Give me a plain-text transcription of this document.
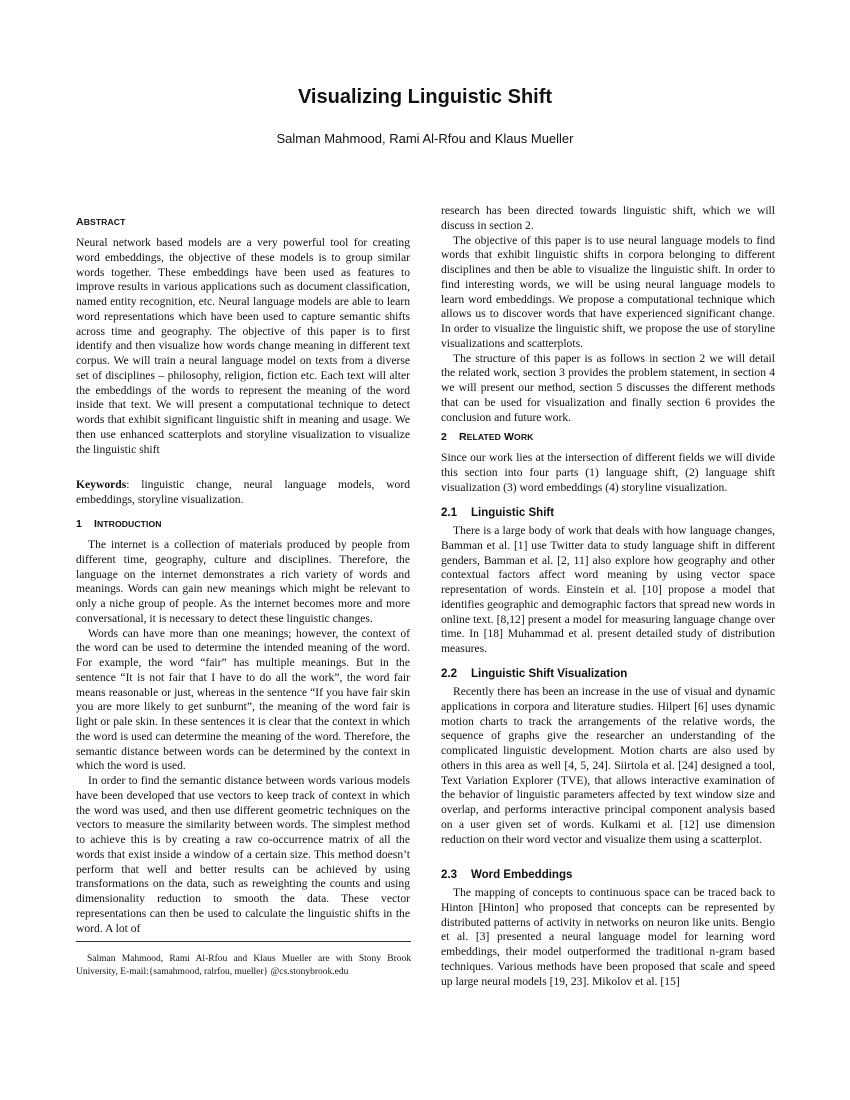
Visualizing Linguistic Shift
Salman Mahmood, Rami Al-Rfou and Klaus Mueller
ABSTRACT

Neural network based models are a very powerful tool for creating word embeddings, the objective of these models is to group similar words together. These embeddings have been used as features to improve results in various applications such as document classification, named entity recognition, etc. Neural language models are able to learn word representations which have been used to capture semantic shifts across time and geography. The objective of this paper is to first identify and then visualize how words change meaning in different text corpus. We will train a neural language model on texts from a diverse set of disciplines – philosophy, religion, fiction etc. Each text will alter the embeddings of the words to represent the meaning of the word inside that text. We will present a computational technique to detect words that exhibit significant linguistic shift in meaning and usage. We then use enhanced scatterplots and storyline visualization to visualize the linguistic shift

Keywords: linguistic change, neural language models, word embeddings, storyline visualization.

1 INTRODUCTION

The internet is a collection of materials produced by people from different time, geography, culture and disciplines. Therefore, the language on the internet demonstrates a rich variety of words and meanings. Words can gain new meanings which might be relevant to only a niche group of people. As the internet becomes more and more conversational, it is necessary to detect these linguistic changes.

Words can have more than one meanings; however, the context of the word can be used to determine the intended meaning of the word. For example, the word “fair” has multiple meanings. But in the sentence “It is not fair that I have to do all the work”, the word fair means reasonable or just, whereas in the sentence “If you have fair skin you are more likely to get sunburnt”, the meaning of the word fair is light or pale skin. In these sentences it is clear that the context in which the word is used can determine the meaning of the word. Therefore, the semantic distance between words can be determined by the context in which the word is used.

In order to find the semantic distance between words various models have been developed that use vectors to keep track of context in which the word was used, and then use different geometric techniques on the vectors to measure the similarity between words. The simplest method to achieve this is by creating a raw co-occurrence matrix of all the words that exist inside a window of a certain size. This method doesn’t perform that well and better results can be achieved by using transformations on the data, such as reweighting the counts and using dimensionality reduction to smooth the data. These vector representations can then be used to calculate the linguistic shifts in the word. A lot of

Salman Mahmood, Rami Al-Rfou and Klaus Mueller are with Stony Brook University, E-mail:{samahmood, ralrfou, mueller} @cs.stonybrook.edu

research has been directed towards linguistic shift, which we will discuss in section 2.

The objective of this paper is to use neural language models to find words that exhibit linguistic shifts in corpora belonging to different disciplines and then be able to visualize the linguistic shift. In order to find interesting words, we will be using neural language models to learn word embeddings. We propose a computational technique which allows us to discover words that have experienced significant change. In order to visualize the linguistic shift, we propose the use of storyline visualizations and scatterplots.

The structure of this paper is as follows in section 2 we will detail the related work, section 3 provides the problem statement, in section 4 we will present our method, section 5 discusses the different methods that can be used for visualization and finally section 6 provides the conclusion and future work.

2 RELATED WORK

Since our work lies at the intersection of different fields we will divide this section into four parts (1) language shift, (2) language shift visualization (3) word embeddings (4) storyline visualization.

2.1 Linguistic Shift

There is a large body of work that deals with how language changes, Bamman et al. [1] use Twitter data to study language shift in different genders, Bamman et al. [2, 11] also explore how geography and other contextual factors affect word meaning by using vector space representation of words. Einstein et al. [10] propose a model that identifies geographic and demographic factors that spread new words in online text. [8,12] present a model for measuring language change over time. In [18] Muhammad et al. present detailed study of distribution measures.

2.2 Linguistic Shift Visualization

Recently there has been an increase in the use of visual and dynamic applications in corpora and literature studies. Hilpert [6] uses dynamic motion charts to track the arrangements of the relative words, the sequence of graphs give the researcher an understanding of the complicated linguistic development. Motion charts are also used by others in this area as well [4, 5, 24]. Siirtola et al. [24] designed a tool, Text Variation Explorer (TVE), that allows interactive examination of the behavior of linguistic parameters affected by text window size and overlap, and performs interactive principal component analysis based on a user given set of words. Kulkami et al. [12] use dimension reduction on their word vector and visualize them using a scatterplot.

2.3 Word Embeddings

The mapping of concepts to continuous space can be traced back to Hinton [Hinton] who proposed that concepts can be represented by distributed patterns of activity in networks on neuron like units. Bengio et al. [3] presented a neural language model for learning word embeddings, their model outperformed the traditional n-gram based techniques. Various methods have been proposed that scale and speed up large neural models [19, 23]. Mikolov et al. [15]
